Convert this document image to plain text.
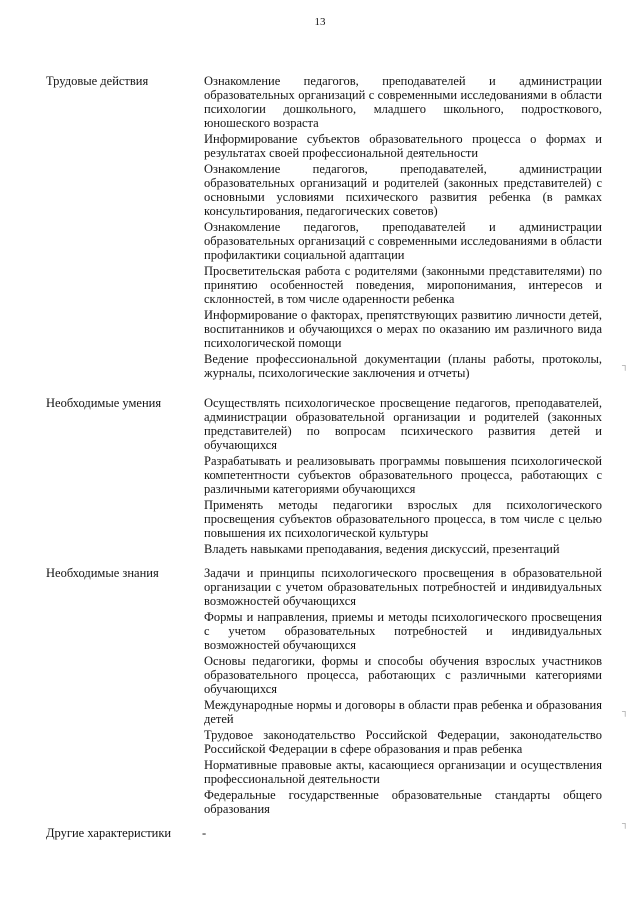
13
Трудовые действия	Ознакомление педагогов, преподавателей и администрации образовательных организаций с современными исследованиями в области психологии дошкольного, младшего школьного, подросткового, юношеского возраста

Информирование субъектов образовательного процесса о формах и результатах своей профессиональной деятельности

Ознакомление педагогов, преподавателей, администрации образовательных организаций и родителей (законных представителей) с основными условиями психического развития ребенка (в рамках консультирования, педагогических советов)

Ознакомление педагогов, преподавателей и администрации образовательных организаций с современными исследованиями в области профилактики социальной адаптации

Просветительская работа с родителями (законными представителями) по принятию особенностей поведения, миропонимания, интересов и склонностей, в том числе одаренности ребенка

Информирование о факторах, препятствующих развитию личности детей, воспитанников и обучающихся о мерах по оказанию им различного вида психологической помощи

Ведение профессиональной документации (планы работы, протоколы, журналы, психологические заключения и отчеты)

Необходимые умения	Осуществлять психологическое просвещение педагогов, преподавателей, администрации образовательной организации и родителей (законных представителей) по вопросам психического развития детей и обучающихся

Разрабатывать и реализовывать программы повышения психологической компетентности субъектов образовательного процесса, работающих с различными категориями обучающихся

Применять методы педагогики взрослых для психологического просвещения субъектов образовательного процесса, в том числе с целью повышения их психологической культуры

Владеть навыками преподавания, ведения дискуссий, презентаций

Необходимые знания	Задачи и принципы психологического просвещения в образовательной организации с учетом образовательных потребностей и индивидуальных возможностей обучающихся

Формы и направления, приемы и методы психологического просвещения с учетом образовательных потребностей и индивидуальных возможностей обучающихся

Основы педагогики, формы и способы обучения взрослых участников образовательного процесса, работающих с различными категориями обучающихся

Международные нормы и договоры в области прав ребенка и образования детей

Трудовое законодательство Российской Федерации, законодательство Российской Федерации в сфере образования и прав ребенка

Нормативные правовые акты, касающиеся организации и осуществления профессиональной деятельности

Федеральные государственные образовательные стандарты общего образования

Другие характеристики -
┐
┐
┐
